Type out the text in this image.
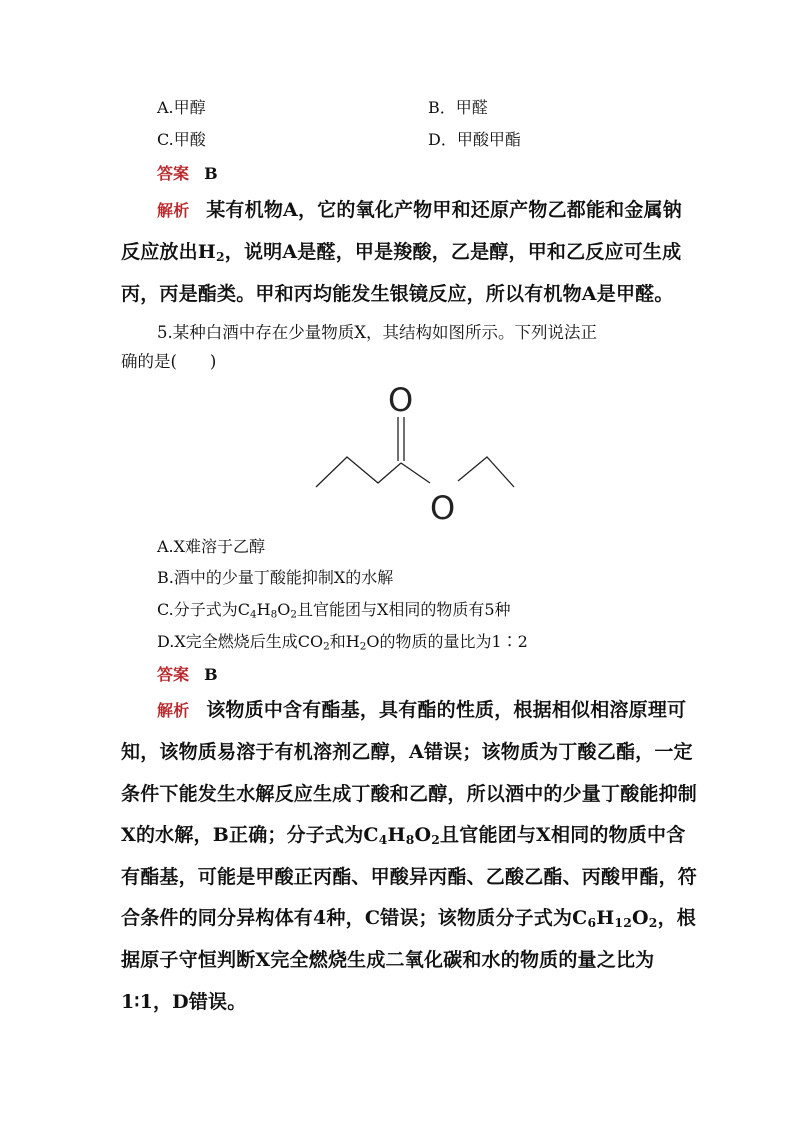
A.甲醇	B．甲醛
C.甲酸	D．甲酸甲酯
答案 B
解析 某有机物A，它的氧化产物甲和还原产物乙都能和金属钠
反应放出$H_2$，说明A是醛，甲是羧酸，乙是醇，甲和乙反应可生成
丙，丙是酯类。甲和丙均能发生银镜反应，所以有机物A是甲醛。
5.某种白酒中存在少量物质X，其结构如图所示。下列说法正
确的是(　　)
O
O
A.X难溶于乙醇
B.酒中的少量丁酸能抑制X的水解
C.分子式为$C_4H_8O_2$且官能团与X相同的物质有5种
D.X完全燃烧后生成$CO_2$和$H_2O$的物质的量比为1∶2
答案 B
解析 该物质中含有酯基，具有酯的性质，根据相似相溶原理可
知，该物质易溶于有机溶剂乙醇，A错误；该物质为丁酸乙酯，一定
条件下能发生水解反应生成丁酸和乙醇，所以酒中的少量丁酸能抑制
X的水解，B正确；分子式为$C_4H_8O_2$且官能团与X相同的物质中含
有酯基，可能是甲酸正丙酯、甲酸异丙酯、乙酸乙酯、丙酸甲酯，符
合条件的同分异构体有4种，C错误；该物质分子式为$C_6H_{12}O_2$，根
据原子守恒判断X完全燃烧生成二氧化碳和水的物质的量之比为
1∶1，D错误。
